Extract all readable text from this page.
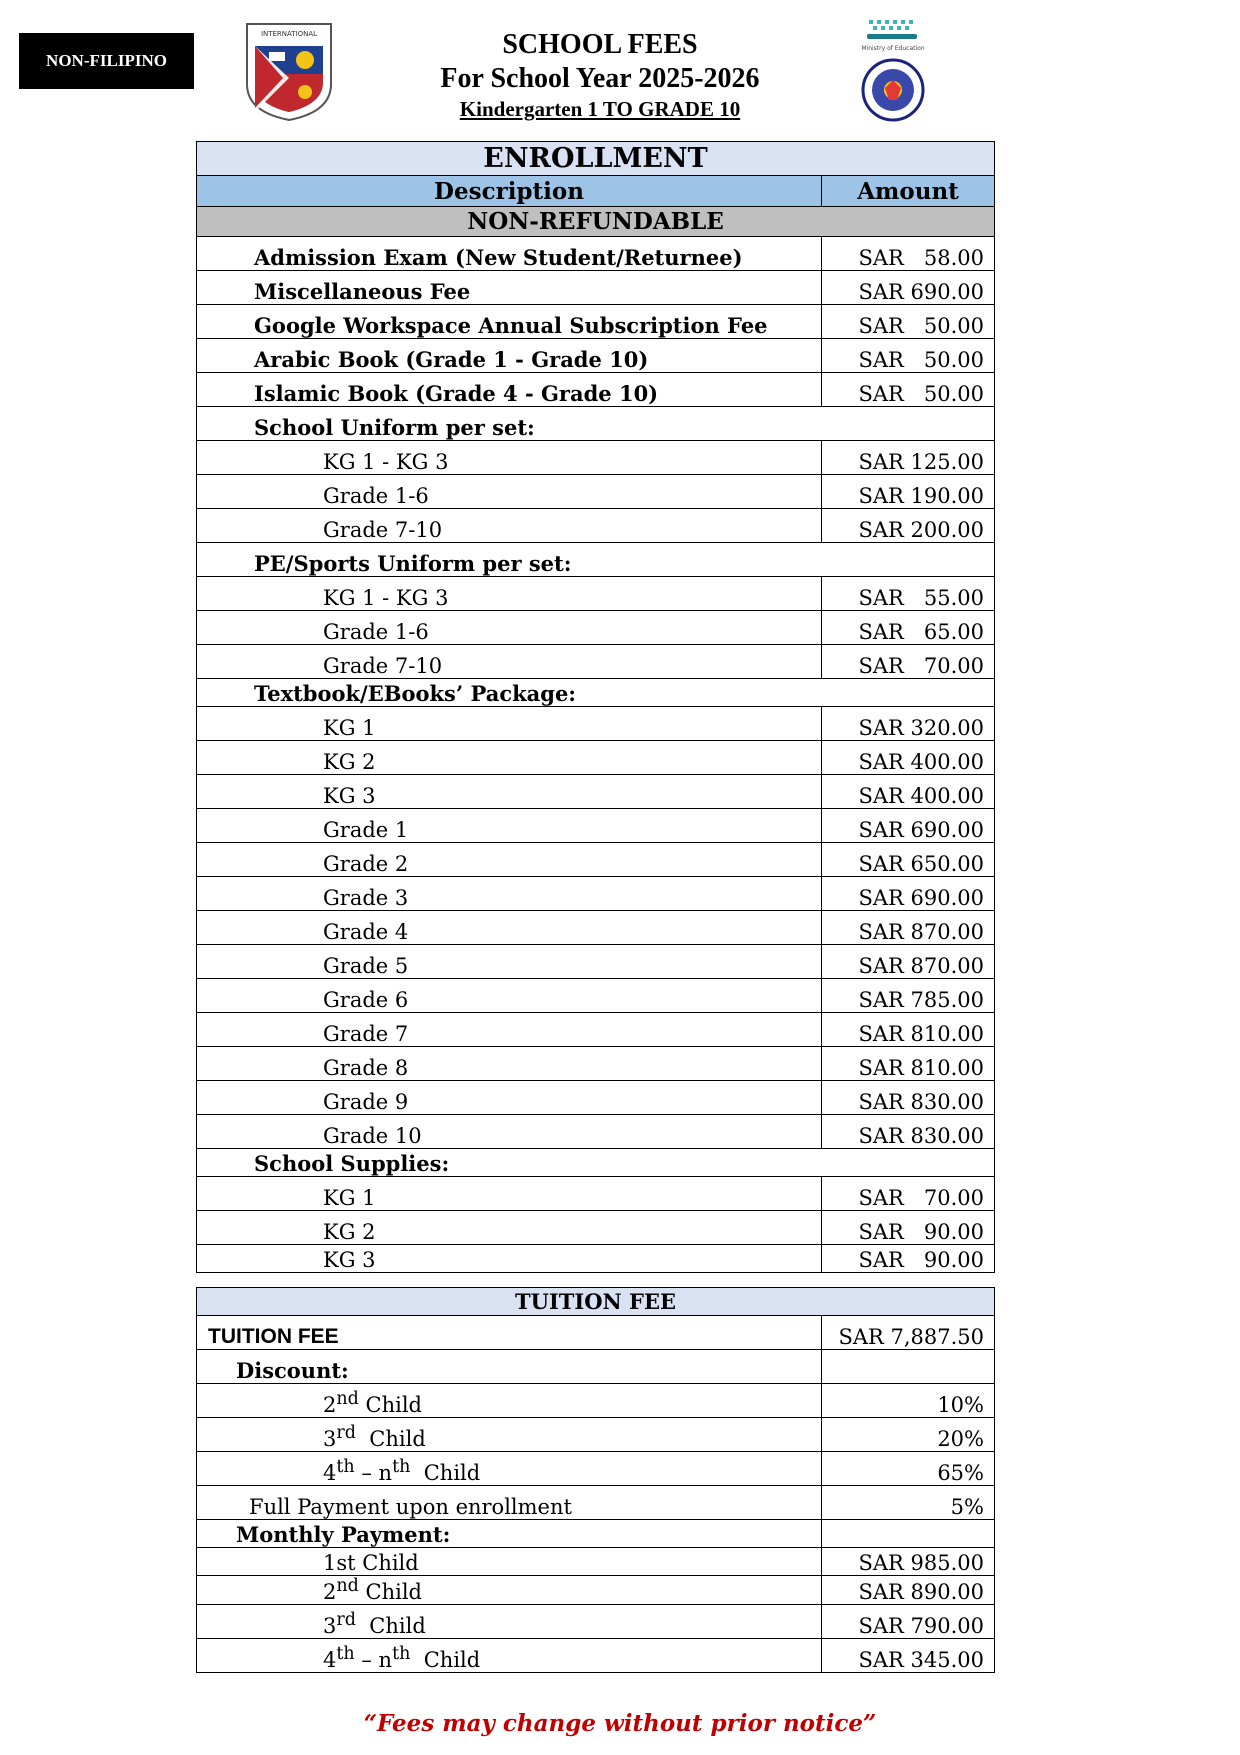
NON-FILIPINO
INTERNATIONAL
Ministry of Education
SCHOOL FEES
For School Year 2025-2026
Kindergarten 1 TO GRADE 10
ENROLLMENT	
Description	Amount
NON-REFUNDABLE	
Admission Exam (New Student/Returnee)	SAR   58.00
Miscellaneous Fee	SAR 690.00
Google Workspace Annual Subscription Fee	SAR   50.00
Arabic Book (Grade 1 - Grade 10)	SAR   50.00
Islamic Book (Grade 4 - Grade 10)	SAR   50.00
School Uniform per set:	
KG 1 - KG 3	SAR 125.00
Grade 1-6	SAR 190.00
Grade 7-10	SAR 200.00
PE/Sports Uniform per set:	
KG 1 - KG 3	SAR   55.00
Grade 1-6	SAR   65.00
Grade 7-10	SAR   70.00
Textbook/EBooks’ Package:	
KG 1	SAR 320.00
KG 2	SAR 400.00
KG 3	SAR 400.00
Grade 1	SAR 690.00
Grade 2	SAR 650.00
Grade 3	SAR 690.00
Grade 4	SAR 870.00
Grade 5	SAR 870.00
Grade 6	SAR 785.00
Grade 7	SAR 810.00
Grade 8	SAR 810.00
Grade 9	SAR 830.00
Grade 10	SAR 830.00
School Supplies:	
KG 1	SAR   70.00
KG 2	SAR   90.00
KG 3	SAR   90.00
TUITION FEE	
TUITION FEE	SAR 7,887.50
Discount:	
2nd Child	10%
3rd  Child	20%
$4th - n^{th}$  Child	65%
Full Payment upon enrollment	5%
Monthly Payment:	
1st Child	SAR 985.00
2nd Child	SAR 890.00
3rd  Child	SAR 790.00
$4th - n^{th}$  Child	SAR 345.00
“Fees may change without prior notice”
